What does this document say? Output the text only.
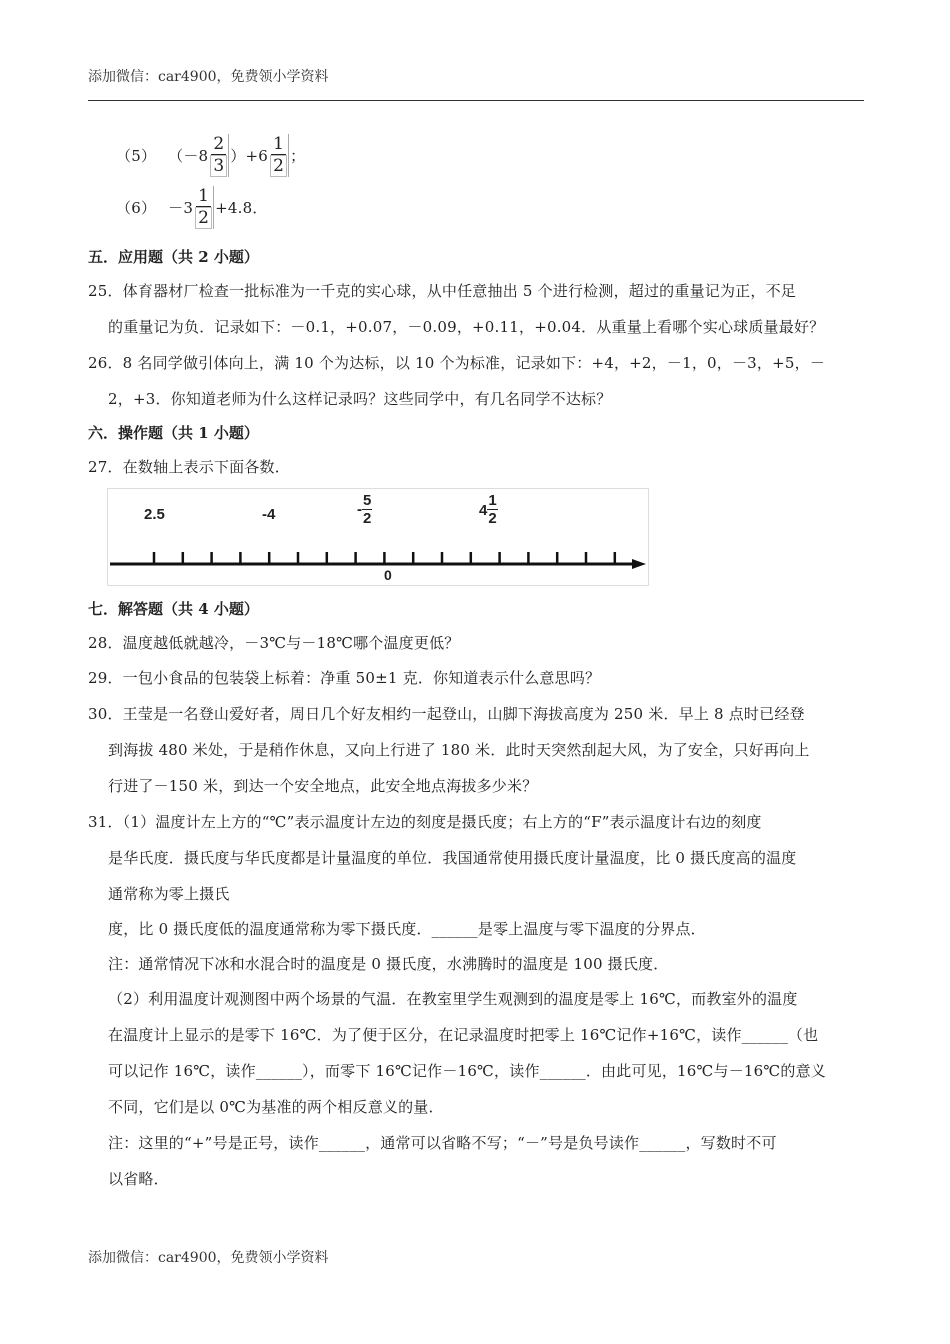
添加微信：car4900，免费领小学资料
（5） $(-8 \frac{2}{3} )+6 \frac{1}{2}$ ；
$(6) -3 \frac{1}{2} +4.8$．
五．应用题（共 2 小题）
25．体育器材厂检查一批标准为一千克的实心球，从中任意抽出 5 个进行检测，超过的重量记为正，不足
的重量记为负．记录如下：－0.1，+0.07，－0.09，+0.11，+0.04．从重量上看哪个实心球质量最好？
26．8 名同学做引体向上，满 10 个为达标，以 10 个为标准，记录如下：+4，+2，－1，0，－3，+5，－
2，+3．你知道老师为什么这样记录吗？这些同学中，有几名同学不达标？
六．操作题（共 1 小题）
27．在数轴上表示下面各数．
2.5	-4	- $\frac{5}{2}$	$4 \frac{1}{2}$
0
七．解答题（共 4 小题）
28．温度越低就越冷，－3℃与－18℃哪个温度更低？
29．一包小食品的包装袋上标着：净重 50±1 克．你知道表示什么意思吗？
30．王莹是一名登山爱好者，周日几个好友相约一起登山，山脚下海拔高度为 250 米．早上 8 点时已经登
到海拔 480 米处，于是稍作休息，又向上行进了 180 米．此时天突然刮起大风，为了安全，只好再向上
行进了－150 米，到达一个安全地点，此安全地点海拔多少米？
31．（1）温度计左上方的“℃”表示温度计左边的刻度是摄氏度；右上方的“F”表示温度计右边的刻度
是华氏度．摄氏度与华氏度都是计量温度的单位．我国通常使用摄氏度计量温度，比 0 摄氏度高的温度
通常称为零上摄氏
度，比 0 摄氏度低的温度通常称为零下摄氏度．______是零上温度与零下温度的分界点．
注：通常情况下冰和水混合时的温度是 0 摄氏度，水沸腾时的温度是 100 摄氏度．
（2）利用温度计观测图中两个场景的气温．在教室里学生观测到的温度是零上 16℃，而教室外的温度
在温度计上显示的是零下 16℃．为了便于区分，在记录温度时把零上 16℃记作+16℃，读作______（也
可以记作 16℃，读作______），而零下 16℃记作－16℃，读作______．由此可见，16℃与－16℃的意义
不同，它们是以 0℃为基准的两个相反意义的量．
注：这里的“+”号是正号，读作______，通常可以省略不写；“－”号是负号读作______，写数时不可
以省略．
添加微信：car4900，免费领小学资料
